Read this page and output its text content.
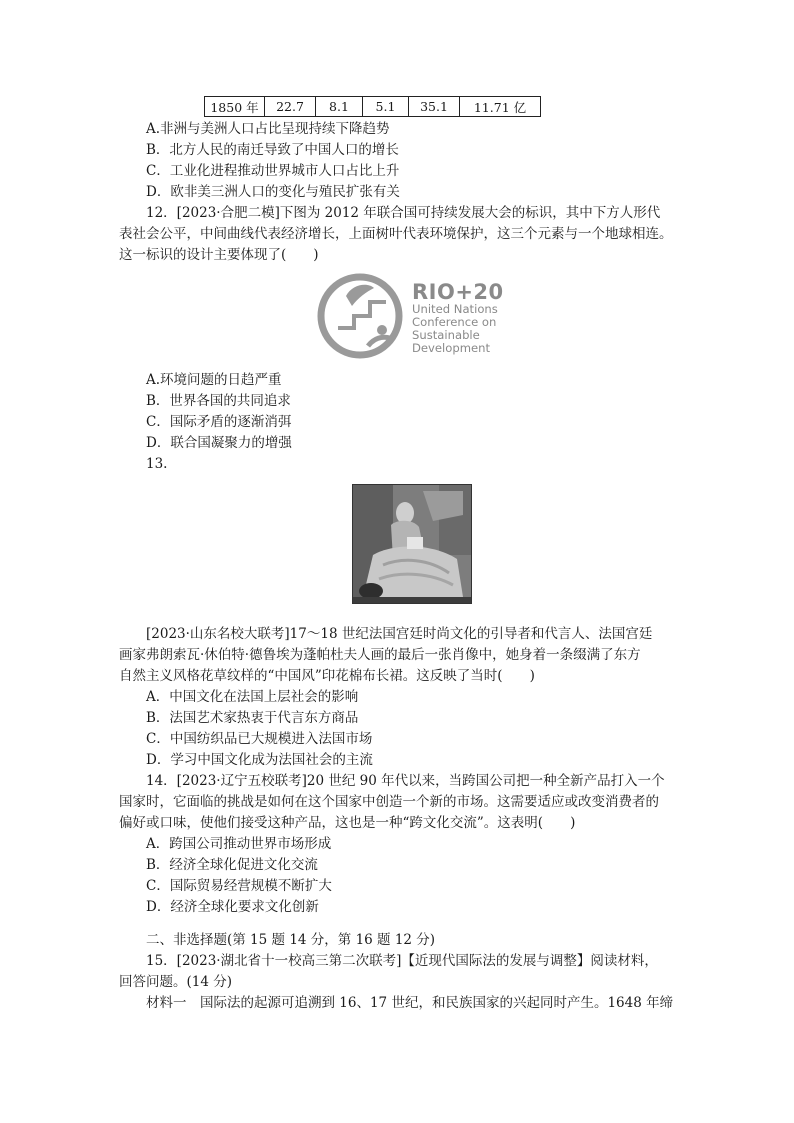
1850 年	22.7	8.1	5.1	35.1	11.71 亿
A.非洲与美洲人口占比呈现持续下降趋势
B．北方人民的南迁导致了中国人口的增长
C．工业化进程推动世界城市人口占比上升
D．欧非美三洲人口的变化与殖民扩张有关
12．[2023·合肥二模]下图为 2012 年联合国可持续发展大会的标识，其中下方人形代
表社会公平，中间曲线代表经济增长，上面树叶代表环境保护，这三个元素与一个地球相连。
这一标识的设计主要体现了(　　)
RIO+20
United Nations
Conference on
Sustainable
Development
A.环境问题的日趋严重
B．世界各国的共同追求
C．国际矛盾的逐渐消弭
D．联合国凝聚力的增强
13.
[2023·山东名校大联考]17～18 世纪法国宫廷时尚文化的引导者和代言人、法国宫廷
画家弗朗索瓦·休伯特·德鲁埃为蓬帕杜夫人画的最后一张肖像中，她身着一条缀满了东方
自然主义风格花草纹样的“中国风”印花棉布长裙。这反映了当时(　　)
A．中国文化在法国上层社会的影响
B．法国艺术家热衷于代言东方商品
C．中国纺织品已大规模进入法国市场
D．学习中国文化成为法国社会的主流
14．[2023·辽宁五校联考]20 世纪 90 年代以来，当跨国公司把一种全新产品打入一个
国家时，它面临的挑战是如何在这个国家中创造一个新的市场。这需要适应或改变消费者的
偏好或口味，使他们接受这种产品，这也是一种“跨文化交流”。这表明(　　)
A．跨国公司推动世界市场形成
B．经济全球化促进文化交流
C．国际贸易经营规模不断扩大
D．经济全球化要求文化创新
二、非选择题(第 15 题 14 分，第 16 题 12 分)
15．[2023·湖北省十一校高三第二次联考]【近现代国际法的发展与调整】阅读材料，
回答问题。(14 分)
材料一　国际法的起源可追溯到 16、17 世纪，和民族国家的兴起同时产生。1648 年缔
